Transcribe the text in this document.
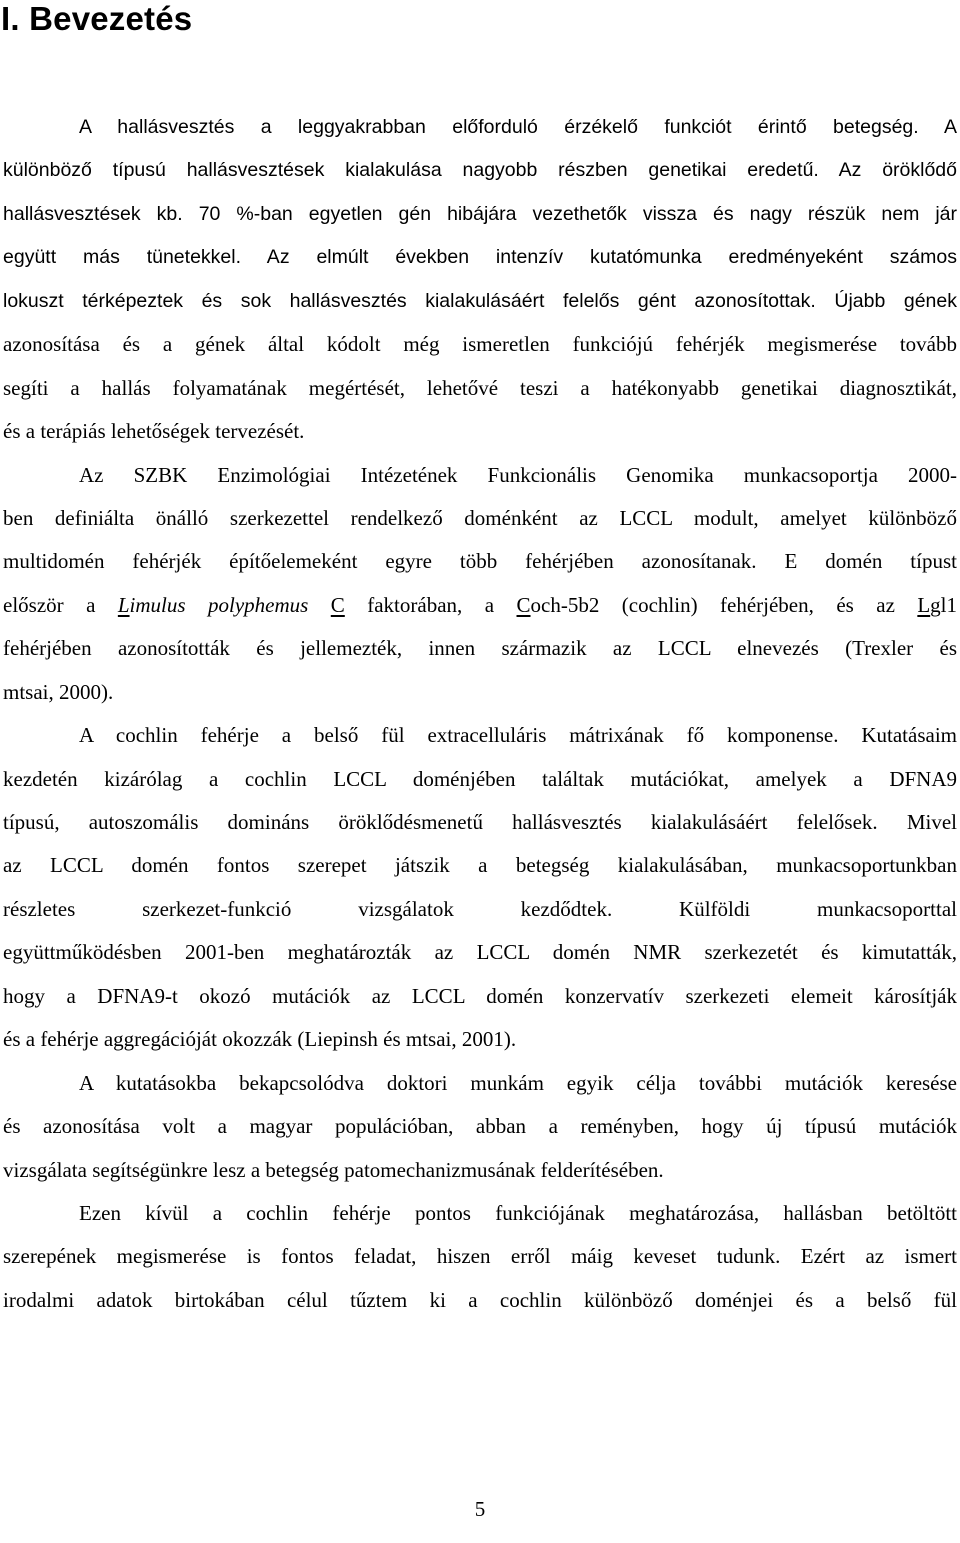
I. Bevezetés
A hallásvesztés a leggyakrabban előforduló érzékelő funkciót érintő betegség. A
különböző típusú hallásvesztések kialakulása nagyobb részben genetikai eredetű. Az öröklődő
hallásvesztések kb. 70 %-ban egyetlen gén hibájára vezethetők vissza és nagy részük nem jár
együtt más tünetekkel. Az elmúlt években intenzív kutatómunka eredményeként számos
lokuszt térképeztek és sok hallásvesztés kialakulásáért felelős gént azonosítottak. Újabb gének
azonosítása és a gének által kódolt még ismeretlen funkciójú fehérjék megismerése tovább
segíti a hallás folyamatának megértését, lehetővé teszi a hatékonyabb genetikai diagnosztikát,
és a terápiás lehetőségek tervezését.
Az SZBK Enzimológiai Intézetének Funkcionális Genomika munkacsoportja 2000-
ben definiálta önálló szerkezettel rendelkező doménként az LCCL modult, amelyet különböző
multidomén fehérjék építőelemeként egyre több fehérjében azonosítanak. E domén típust
először a Limulus polyphemus C faktorában, a Coch-5b2 (cochlin) fehérjében, és az Lgl1
fehérjében azonosították és jellemezték, innen származik az LCCL elnevezés (Trexler és
mtsai, 2000).
A cochlin fehérje a belső fül extracelluláris mátrixának fő komponense. Kutatásaim
kezdetén kizárólag a cochlin LCCL doménjében találtak mutációkat, amelyek a DFNA9
típusú, autoszomális domináns öröklődésmenetű hallásvesztés kialakulásáért felelősek. Mivel
az LCCL domén fontos szerepet játszik a betegség kialakulásában, munkacsoportunkban
részletes szerkezet-funkció vizsgálatok kezdődtek. Külföldi munkacsoporttal
együttműködésben 2001-ben meghatározták az LCCL domén NMR szerkezetét és kimutatták,
hogy a DFNA9-t okozó mutációk az LCCL domén konzervatív szerkezeti elemeit károsítják
és a fehérje aggregációját okozzák (Liepinsh és mtsai, 2001).
A kutatásokba bekapcsolódva doktori munkám egyik célja további mutációk keresése
és azonosítása volt a magyar populációban, abban a reményben, hogy új típusú mutációk
vizsgálata segítségünkre lesz a betegség patomechanizmusának felderítésében.
Ezen kívül a cochlin fehérje pontos funkciójának meghatározása, hallásban betöltött
szerepének megismerése is fontos feladat, hiszen erről máig keveset tudunk. Ezért az ismert
irodalmi adatok birtokában célul tűztem ki a cochlin különböző doménjei és a belső fül
5
